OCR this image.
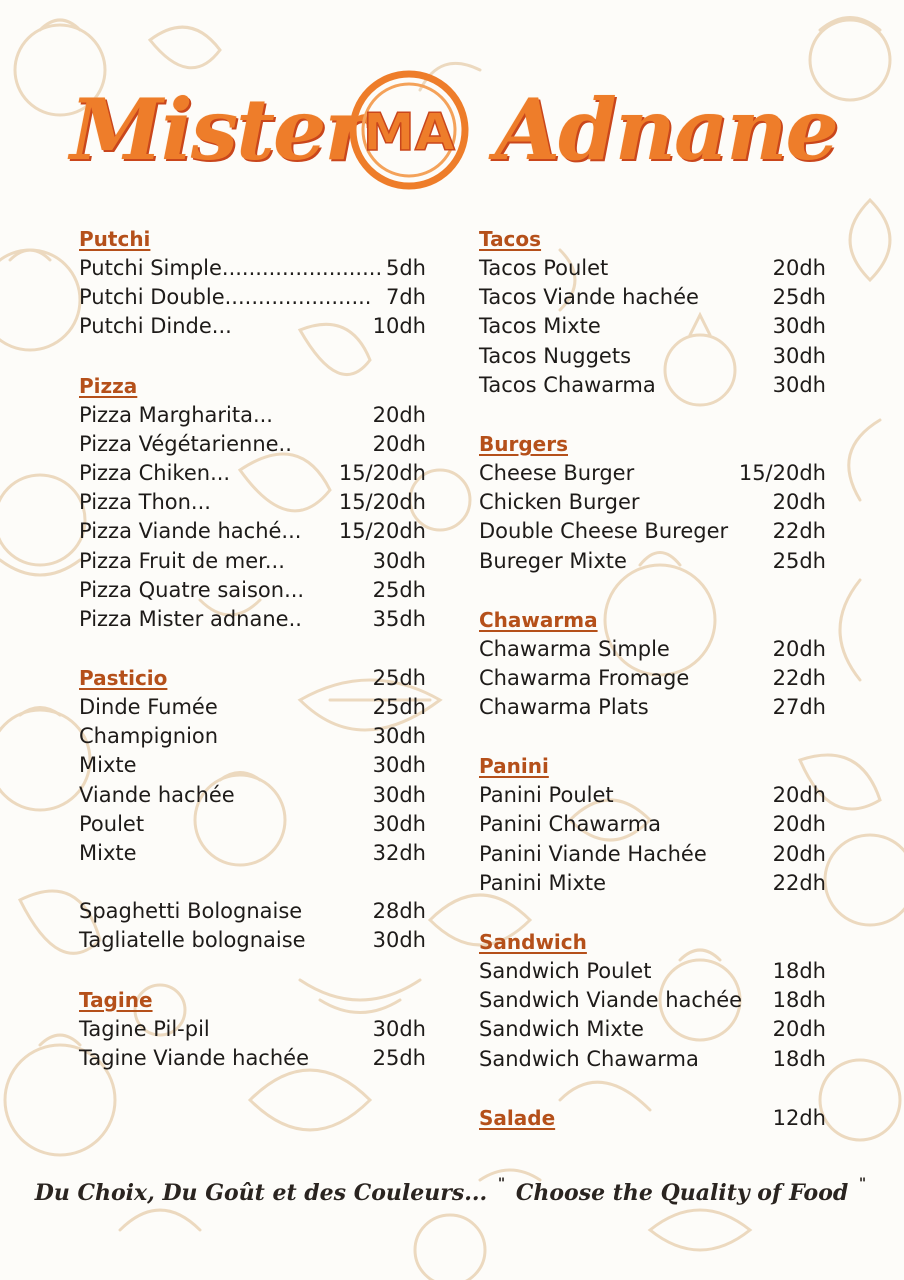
Mister
MA Adnane
Putchi
Putchi Simple........................ 5dh
Putchi Double...................... 7dh
Putchi Dinde...	10dh
Pizza
Pizza Margharita...	20dh
Pizza Végétarienne..	20dh
Pizza Chiken...	15/20dh
Pizza Thon...	15/20dh
Pizza Viande haché... 15/20dh
Pizza Fruit de mer...	30dh
Pizza Quatre saison...	25dh
Pizza Mister adnane..	35dh
Pasticio	25dh
Dinde Fumée	25dh
Champignion	30dh
Mixte	30dh
Viande hachée	30dh
Poulet	30dh
Mixte	32dh
Spaghetti Bolognaise	28dh
Tagliatelle bolognaise	30dh
Tagine
Tagine Pil-pil	30dh
Tagine Viande hachée	25dh
Tacos
Tacos Poulet	20dh
Tacos Viande hachée	25dh
Tacos Mixte	30dh
Tacos Nuggets	30dh
Tacos Chawarma	30dh
Burgers
Cheese Burger	15/20dh
Chicken Burger	20dh
Double Cheese Bureger 22dh
Bureger Mixte	25dh
Chawarma
Chawarma Simple	20dh
Chawarma Fromage	22dh
Chawarma Plats	27dh
Panini
Panini Poulet	20dh
Panini Chawarma	20dh
Panini Viande Hachée	20dh
Panini Mixte	22dh
Sandwich
Sandwich Poulet	18dh
Sandwich Viande hachée 18dh
Sandwich Mixte	20dh
Sandwich Chawarma	18dh
Salade	12dh
Du Choix, Du Goût et des Couleurs... " Choose the Quality of Food "
